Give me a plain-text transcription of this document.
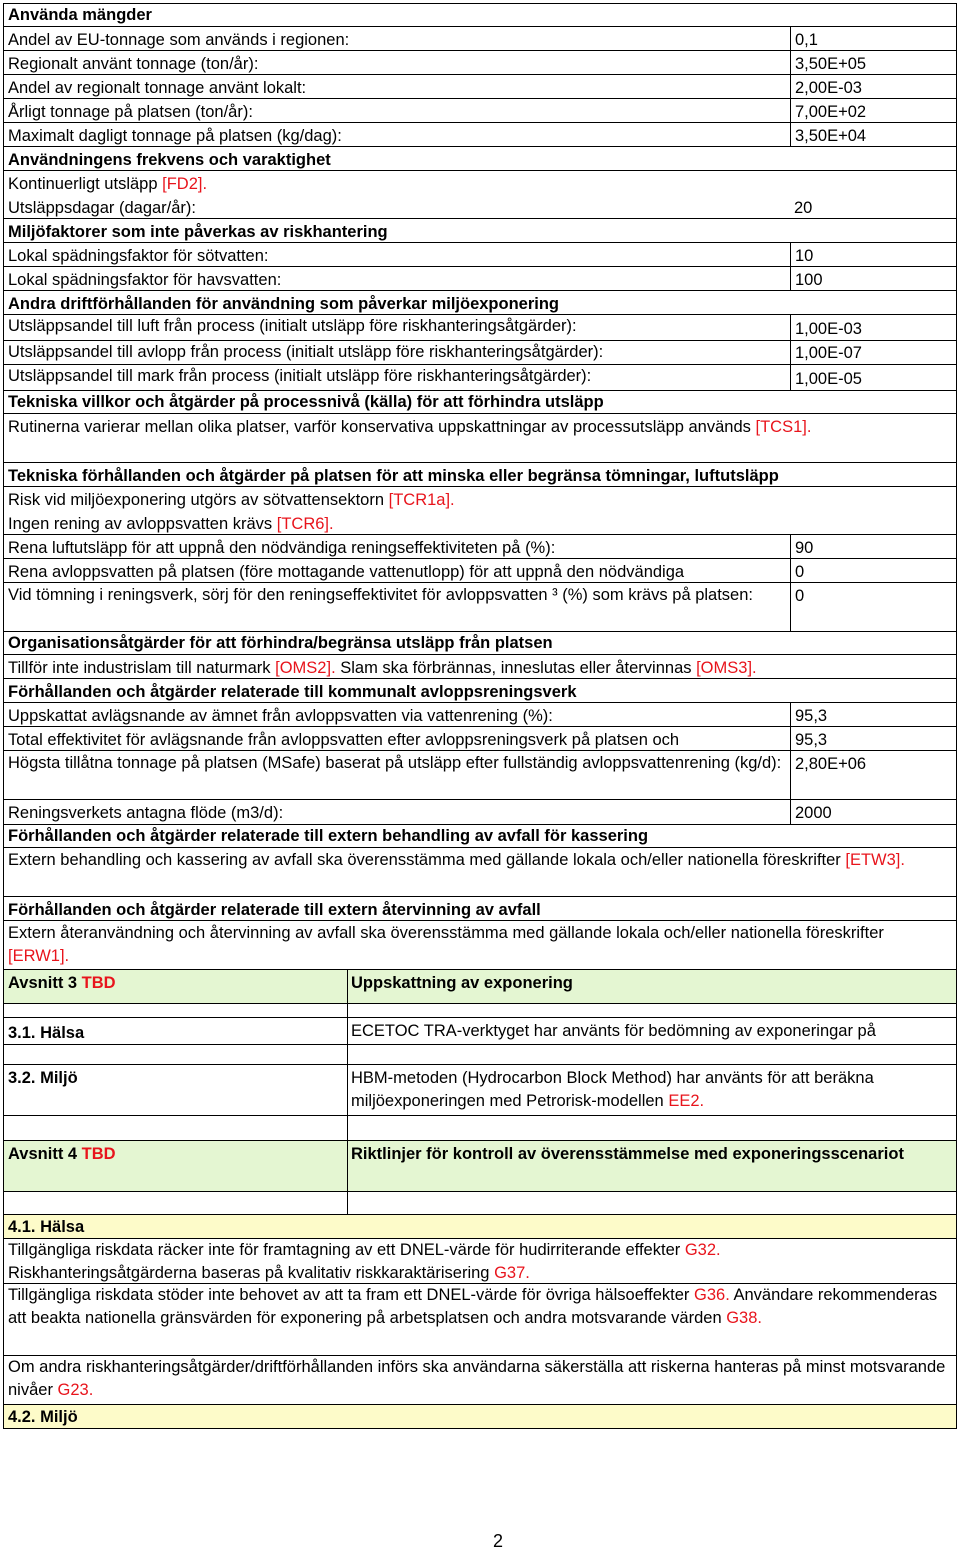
Använda mängder
Andel av EU-tonnage som används i regionen:	0,1
Regionalt använt tonnage (ton/år):	3,50E+05
Andel av regionalt tonnage använt lokalt:	2,00E-03
Årligt tonnage på platsen (ton/år):	7,00E+02
Maximalt dagligt tonnage på platsen (kg/dag):	3,50E+04
Användningens frekvens och varaktighet
Kontinuerligt utsläpp [FD2].
Utsläppsdagar (dagar/år):	20
Miljöfaktorer som inte påverkas av riskhantering
Lokal spädningsfaktor för sötvatten:	10
Lokal spädningsfaktor för havsvatten:	100
Andra driftförhållanden för användning som påverkar miljöexponering
Utsläppsandel till luft från process (initialt utsläpp före riskhanteringsåtgärder):	1,00E-03
Utsläppsandel till avlopp från process (initialt utsläpp före riskhanteringsåtgärder):	1,00E-07
Utsläppsandel till mark från process (initialt utsläpp före riskhanteringsåtgärder):	1,00E-05
Tekniska villkor och åtgärder på processnivå (källa) för att förhindra utsläpp
Rutinerna varierar mellan olika platser, varför konservativa uppskattningar av processutsläpp används [TCS1].
Tekniska förhållanden och åtgärder på platsen för att minska eller begränsa tömningar, luftutsläpp
Risk vid miljöexponering utgörs av sötvattensektorn [TCR1a].
Ingen rening av avloppsvatten krävs [TCR6].
Rena luftutsläpp för att uppnå den nödvändiga reningseffektiviteten på (%):	90
Rena avloppsvatten på platsen (före mottagande vattenutlopp) för att uppnå den nödvändiga	0
Vid tömning i reningsverk, sörj för den reningseffektivitet för avloppsvatten ³ (%) som krävs på platsen:	0
Organisationsåtgärder för att förhindra/begränsa utsläpp från platsen
Tillför inte industrislam till naturmark [OMS2]. Slam ska förbrännas, inneslutas eller återvinnas [OMS3].
Förhållanden och åtgärder relaterade till kommunalt avloppsreningsverk
Uppskattat avlägsnande av ämnet från avloppsvatten via vattenrening (%):	95,3
Total effektivitet för avlägsnande från avloppsvatten efter avloppsreningsverk på platsen och	95,3
Högsta tillåtna tonnage på platsen (MSafe) baserat på utsläpp efter fullständig avloppsvattenrening (kg/d): 2,80E+06
Reningsverkets antagna flöde (m3/d):	2000
Förhållanden och åtgärder relaterade till extern behandling av avfall för kassering
Extern behandling och kassering av avfall ska överensstämma med gällande lokala och/eller nationella föreskrifter [ETW3].
Förhållanden och åtgärder relaterade till extern återvinning av avfall
Extern återanvändning och återvinning av avfall ska överensstämma med gällande lokala och/eller nationella föreskrifter [ERW1].
Avsnitt 3 TBD	Uppskattning av exponering
3.1. Hälsa	ECETOC TRA-verktyget har använts för bedömning av exponeringar på
3.2. Miljö	HBM-metoden (Hydrocarbon Block Method) har använts för att beräkna miljöexponeringen med Petrorisk-modellen EE2.
Avsnitt 4 TBD	Riktlinjer för kontroll av överensstämmelse med exponeringsscenariot
4.1. Hälsa
Tillgängliga riskdata räcker inte för framtagning av ett DNEL-värde för hudirriterande effekter G32.
Riskhanteringsåtgärderna baseras på kvalitativ riskkaraktärisering G37.
Tillgängliga riskdata stöder inte behovet av att ta fram ett DNEL-värde för övriga hälsoeffekter G36. Användare rekommenderas att beakta nationella gränsvärden för exponering på arbetsplatsen och andra motsvarande värden G38.
Om andra riskhanteringsåtgärder/driftförhållanden införs ska användarna säkerställa att riskerna hanteras på minst motsvarande nivåer G23.
4.2. Miljö
2
